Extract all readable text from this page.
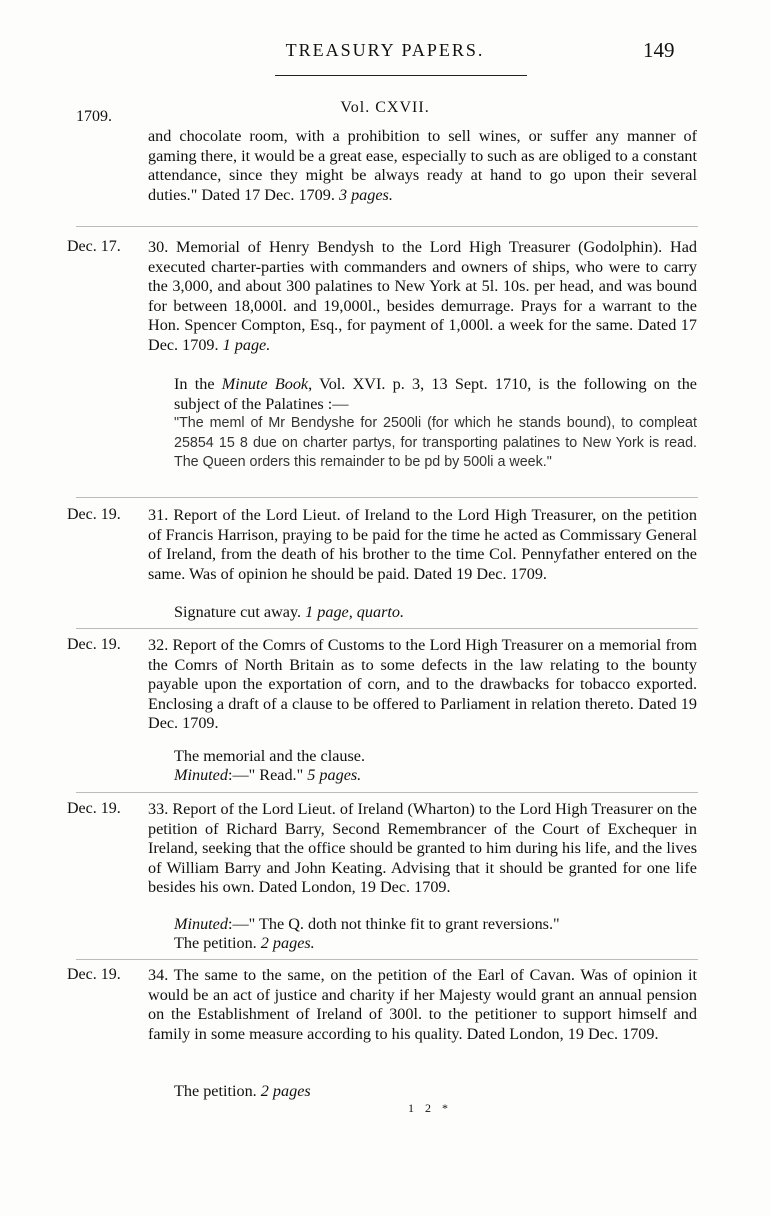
TREASURY PAPERS.	149
Vol. CXVII.
1709.
and chocolate room, with a prohibition to sell wines, or suffer any manner of gaming there, it would be a great ease, especially to such as are obliged to a constant attendance, since they might be always ready at hand to go upon their several duties." Dated 17 Dec. 1709. 3 pages.
Dec. 17. 30. Memorial of Henry Bendysh to the Lord High Treasurer (Godolphin). Had executed charter-parties with commanders and owners of ships, who were to carry the 3,000, and about 300 palatines to New York at 5l. 10s. per head, and was bound for between 18,000l. and 19,000l., besides demurrage. Prays for a warrant to the Hon. Spencer Compton, Esq., for payment of 1,000l. a week for the same. Dated 17 Dec. 1709. 1 page.
In the Minute Book, Vol. XVI. p. 3, 13 Sept. 1710, is the following on the subject of the Palatines :—
"The meml of Mr Bendyshe for 2500li (for which he stands bound), to compleat 25854 15 8 due on charter partys, for transporting palatines to New York is read. The Queen orders this remainder to be pd by 500li a week."
Dec. 19. 31. Report of the Lord Lieut. of Ireland to the Lord High Treasurer, on the petition of Francis Harrison, praying to be paid for the time he acted as Commissary General of Ireland, from the death of his brother to the time Col. Pennyfather entered on the same. Was of opinion he should be paid. Dated 19 Dec. 1709.
Signature cut away. 1 page, quarto.
Dec. 19. 32. Report of the Comrs of Customs to the Lord High Treasurer on a memorial from the Comrs of North Britain as to some defects in the law relating to the bounty payable upon the exportation of corn, and to the drawbacks for tobacco exported. Enclosing a draft of a clause to be offered to Parliament in relation thereto. Dated 19 Dec. 1709.
The memorial and the clause.
Minuted:—" Read." 5 pages.
Dec. 19. 33. Report of the Lord Lieut. of Ireland (Wharton) to the Lord High Treasurer on the petition of Richard Barry, Second Remembrancer of the Court of Exchequer in Ireland, seeking that the office should be granted to him during his life, and the lives of William Barry and John Keating. Advising that it should be granted for one life besides his own. Dated London, 19 Dec. 1709.
Minuted:—" The Q. doth not thinke fit to grant reversions."
The petition. 2 pages.
Dec. 19. 34. The same to the same, on the petition of the Earl of Cavan. Was of opinion it would be an act of justice and charity if her Majesty would grant an annual pension on the Establishment of Ireland of 300l. to the petitioner to support himself and family in some measure according to his quality. Dated London, 19 Dec. 1709.
The petition. 2 pages
1 2 *
